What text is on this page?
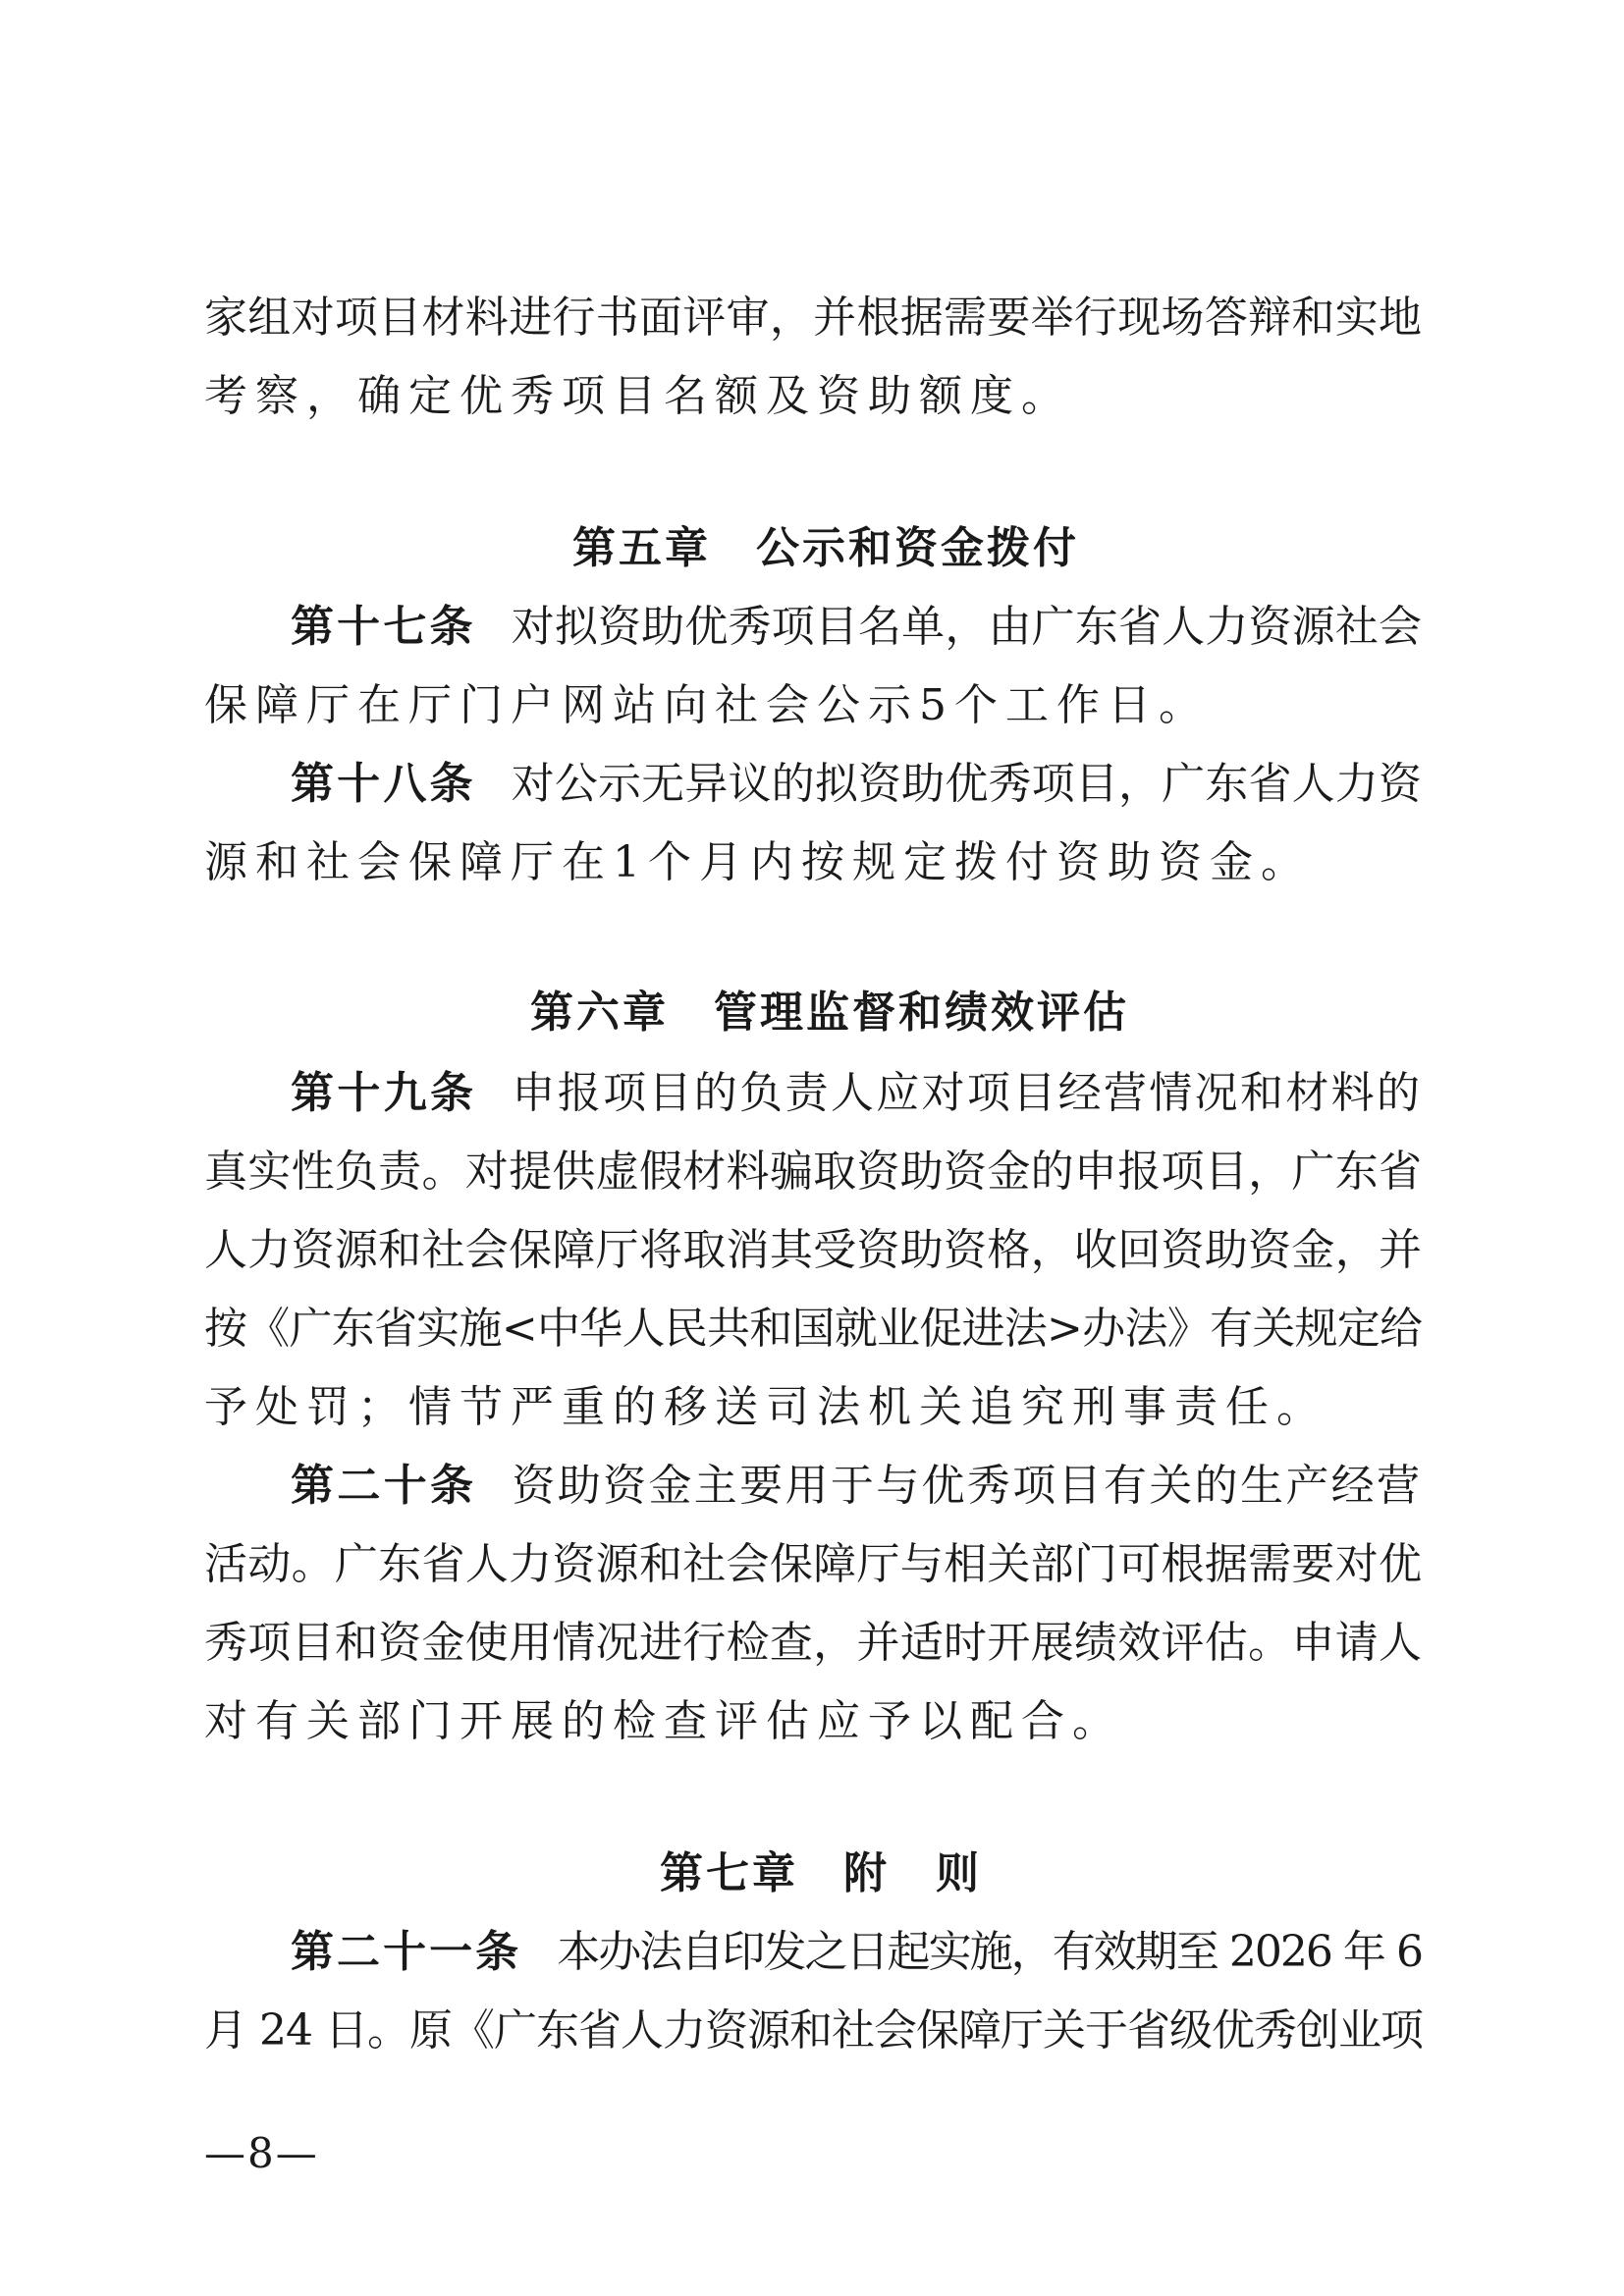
家组对项目材料进行书面评审，并根据需要举行现场答辩和实地
考察，确定优秀项目名额及资助额度。
第五章 公示和资金拨付
第十七条 对拟资助优秀项目名单，由广东省人力资源社会
保障厅在厅门户网站向社会公示5个工作日。
第十八条 对公示无异议的拟资助优秀项目，广东省人力资
源和社会保障厅在1个月内按规定拨付资助资金。
第六章 管理监督和绩效评估
第十九条 申报项目的负责人应对项目经营情况和材料的
真实性负责。对提供虚假材料骗取资助资金的申报项目，广东省
人力资源和社会保障厅将取消其受资助资格，收回资助资金，并
按《广东省实施<中华人民共和国就业促进法>办法》有关规定给
予处罚；情节严重的移送司法机关追究刑事责任。
第二十条 资助资金主要用于与优秀项目有关的生产经营
活动。广东省人力资源和社会保障厅与相关部门可根据需要对优
秀项目和资金使用情况进行检查，并适时开展绩效评估。申请人
对有关部门开展的检查评估应予以配合。
第七章 附　则
第二十一条 本办法自印发之日起实施，有效期至 2026 年 6
月 24 日。原《广东省人力资源和社会保障厅关于省级优秀创业项
—8—
